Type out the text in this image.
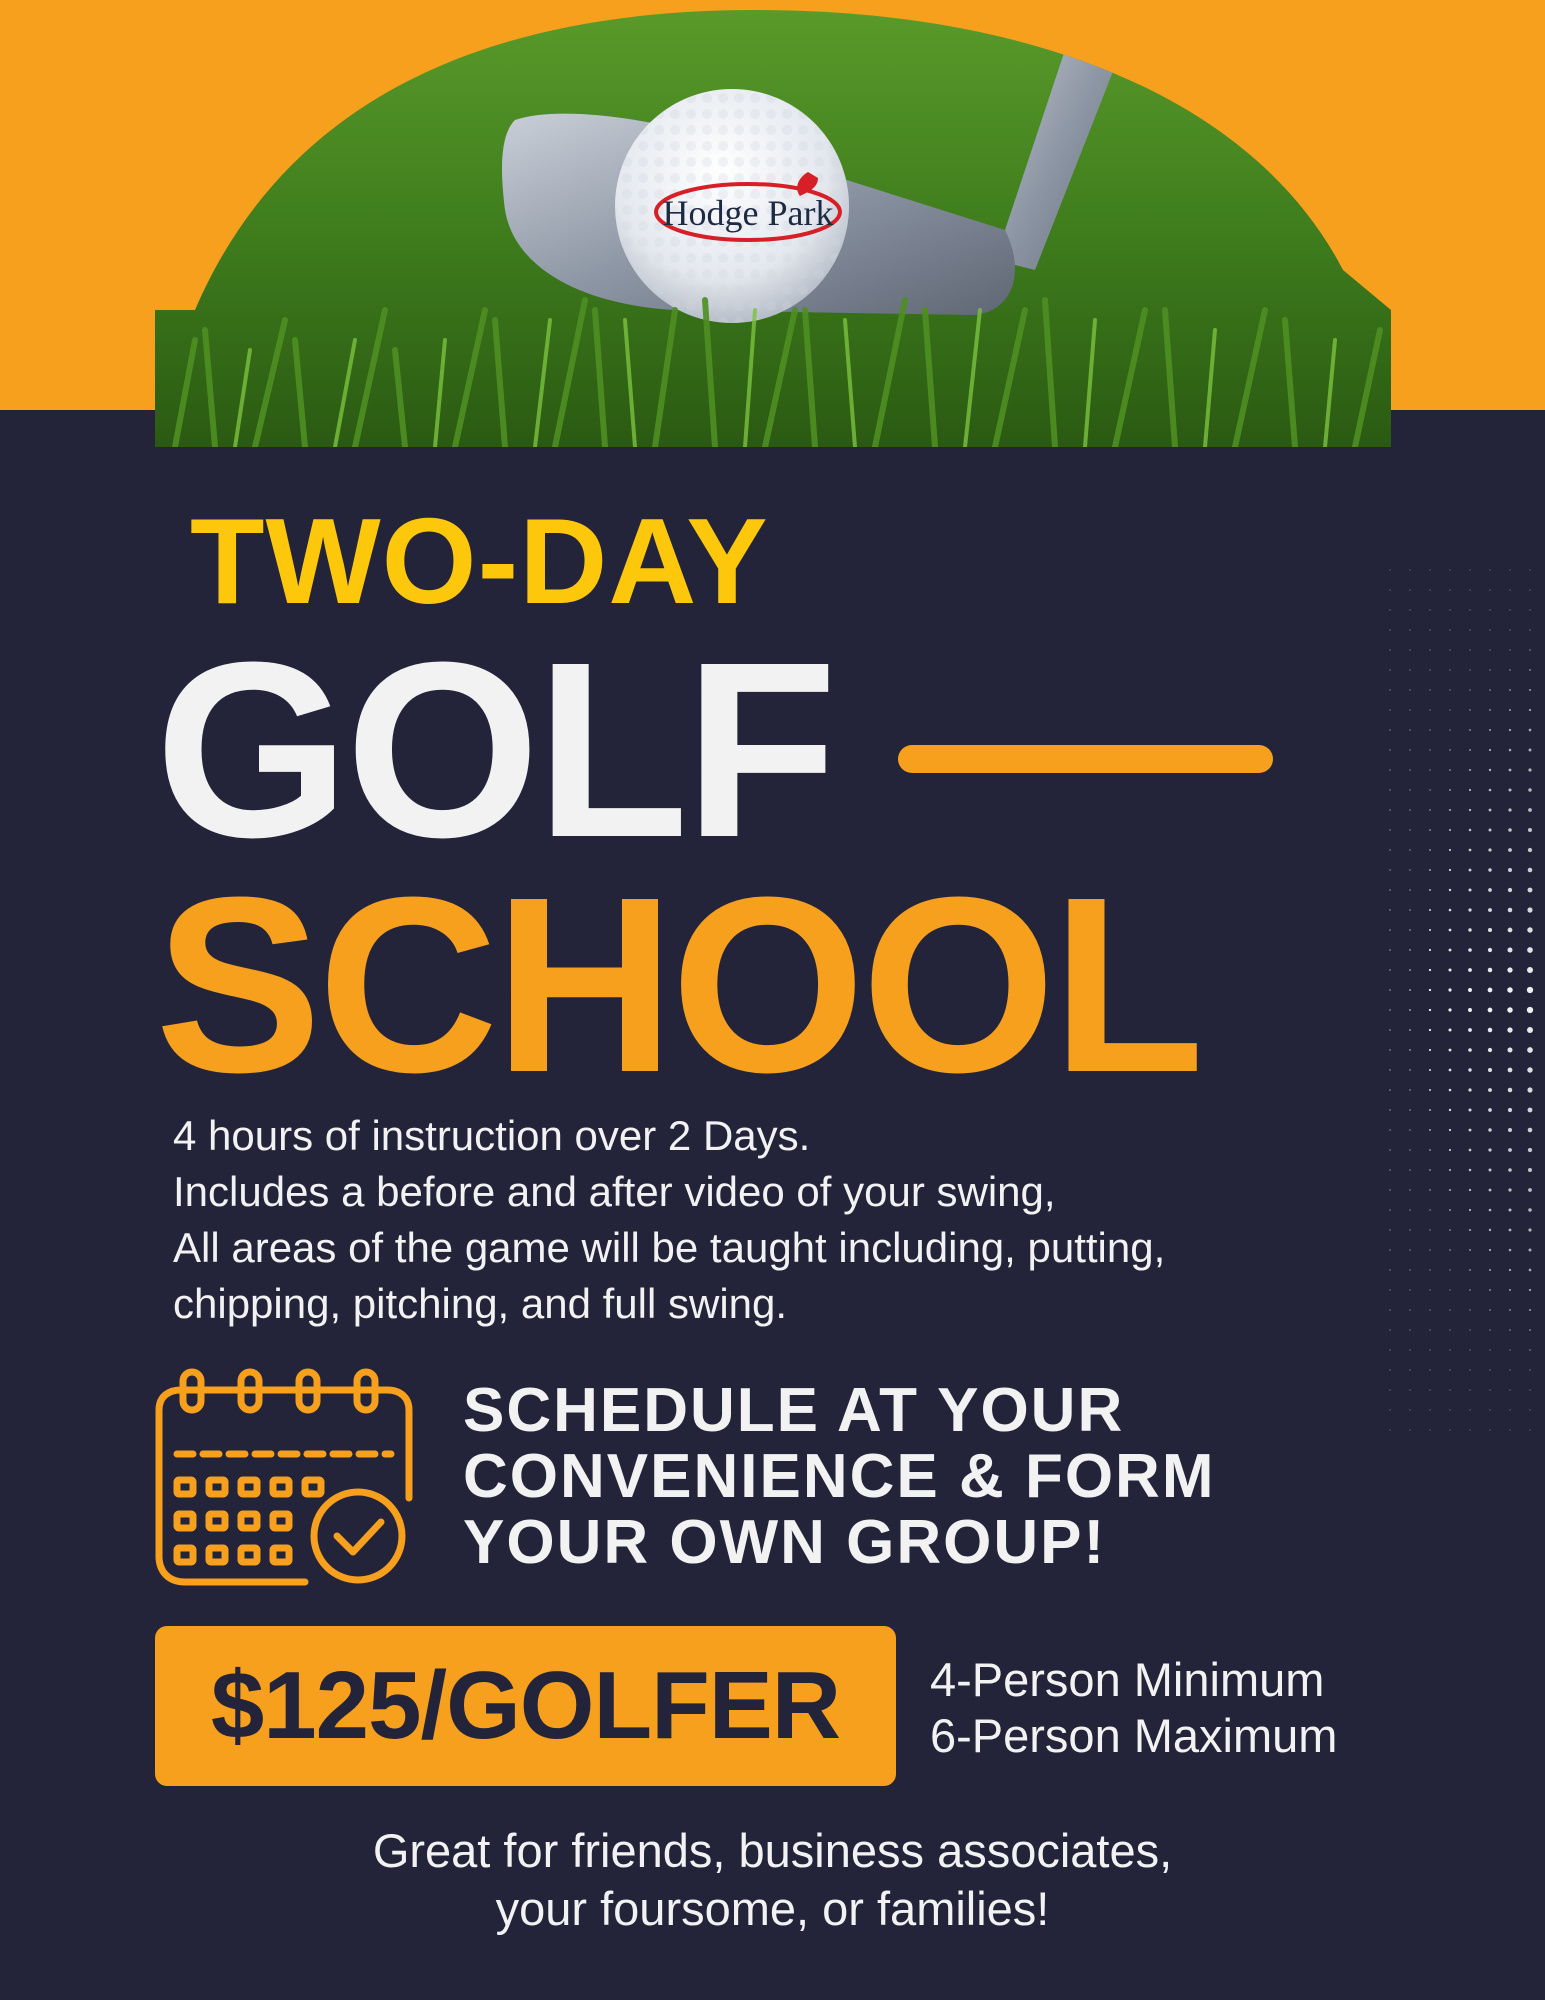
Hodge Park
TWO-DAY
GOLF
SCHOOL
4 hours of instruction over 2 Days.
Includes a before and after video of your swing,
All areas of the game will be taught including, putting,
chipping, pitching, and full swing.
SCHEDULE AT YOUR
CONVENIENCE & FORM
YOUR OWN GROUP!
$125/GOLFER 4-Person Minimum
6-Person Maximum
Great for friends, business associates,
your foursome, or families!
